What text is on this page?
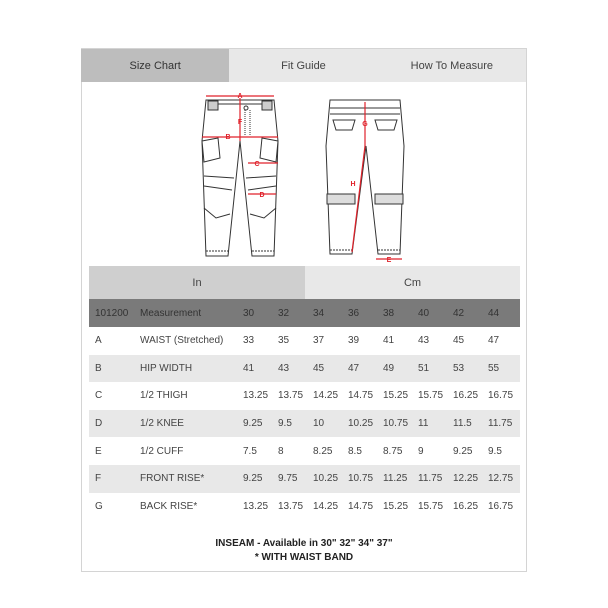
Size Chart	Fit Guide	How To Measure
A
B
C
D
F	G
H
E
In	Cm
101200	Measurement	30	32	34	36	38	40	42	44
A	WAIST (Stretched)	33	35	37	39	41	43	45	47
B	HIP WIDTH	41	43	45	47	49	51	53	55
C	1/2 THIGH	13.25	13.75	14.25	14.75	15.25	15.75	16.25	16.75
D	1/2 KNEE	9.25	9.5	10	10.25	10.75	11	11.5	11.75
E	1/2 CUFF	7.5	8	8.25	8.5	8.75	9	9.25	9.5
F	FRONT RISE*	9.25	9.75	10.25	10.75	11.25	11.75	12.25	12.75
G	BACK RISE*	13.25	13.75	14.25	14.75	15.25	15.75	16.25	16.75
INSEAM - Available in 30" 32" 34" 37"
* WITH WAIST BAND
